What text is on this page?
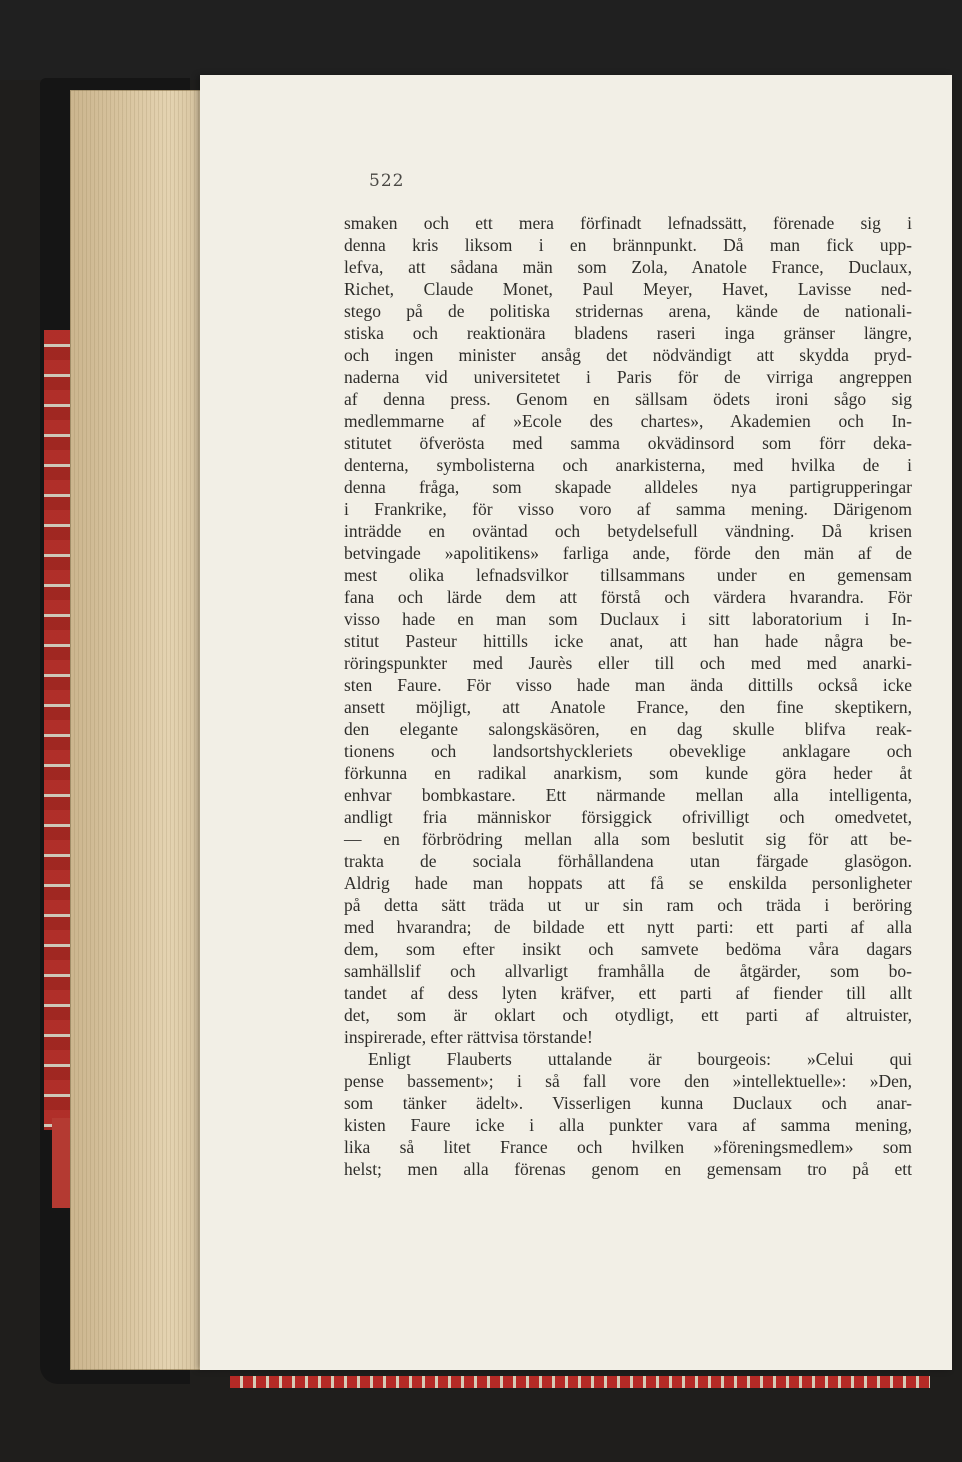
522
smaken och ett mera förfinadt lefnadssätt, förenade sig i
denna kris liksom i en brännpunkt. Då man fick upp-
lefva, att sådana män som Zola, Anatole France, Duclaux,
Richet, Claude Monet, Paul Meyer, Havet, Lavisse ned-
stego på de politiska stridernas arena, kände de nationali-
stiska och reaktionära bladens raseri inga gränser längre,
och ingen minister ansåg det nödvändigt att skydda pryd-
naderna vid universitetet i Paris för de virriga angreppen
af denna press. Genom en sällsam ödets ironi sågo sig
medlemmarne af »Ecole des chartes», Akademien och In-
stitutet öfveröstа med samma okvädinsord som förr deka-
denterna, symbolisterna och anarkisterna, med hvilka de i
denna fråga, som skapade alldeles nya partigrupperingar
i Frankrike, för visso voro af samma mening. Därigenom
inträdde en oväntad och betydelsefull vändning. Då krisen
betvingade »apolitikens» farliga ande, förde den män af de
mest olika lefnadsvilkor tillsammans under en gemensam
fana och lärde dem att förstå och värdera hvarandra. För
visso hade en man som Duclaux i sitt laboratorium i In-
stitut Pasteur hittills icke anat, att han hade några be-
röringspunkter med Jaurès eller till och med med anarki-
sten Faure. För visso hade man ända dittills också icke
ansett möjligt, att Anatole France, den fine skeptikern,
den elegante salongskäsören, en dag skulle blifva reak-
tionens och landsortshyckleriets obeveklige anklagare och
förkunna en radikal anarkism, som kunde göra heder åt
enhvar bombkastare. Ett närmande mellan alla intelligenta,
andligt fria människor försiggick ofrivilligt och omedvetet,
— en förbrödring mellan alla som beslutit sig för att be-
trakta de sociala förhållandena utan färgade glasögon.
Aldrig hade man hoppats att få se enskilda personligheter
på detta sätt träda ut ur sin ram och träda i beröring
med hvarandra; de bildade ett nytt parti: ett parti af alla
dem, som efter insikt och samvete bedöma våra dagars
samhällslif och allvarligt framhålla de åtgärder, som bo-
tandet af dess lyten kräfver, ett parti af fiender till allt
det, som är oklart och otydligt, ett parti af altruister,
inspirerade, efter rättvisa törstande!
Enligt Flauberts uttalande är bourgeois: »Celui qui
pense bassement»; i så fall vore den »intellektuelle»: »Den,
som tänker ädelt». Visserligen kunna Duclaux och anar-
kisten Faure icke i alla punkter vara af samma mening,
lika så litet France och hvilken »föreningsmedlem» som
helst; men alla förenas genom en gemensam tro på ett
